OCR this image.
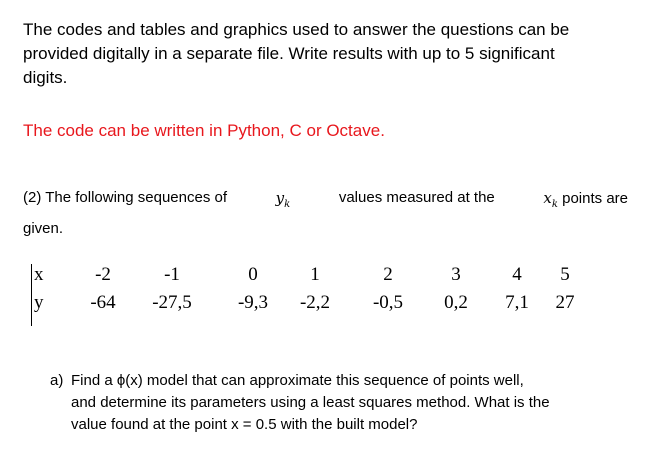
The codes and tables and graphics used to answer the questions can be
provided digitally in a separate file. Write results with up to 5 significant
digits.
The code can be written in Python, C or Octave.
(2) The following sequences of	$y_k$	values measured at the	$x_k$ points are
given.
x	-2	-1	0	1	2	3	4 5
y -64 -27,5 -9,3 -2,2 -0,5 0,2 7,1 27
a) Find a ϕ(x) model that can approximate this sequence of points well,
and determine its parameters using a least squares method. What is the
value found at the point x = 0.5 with the built model?
